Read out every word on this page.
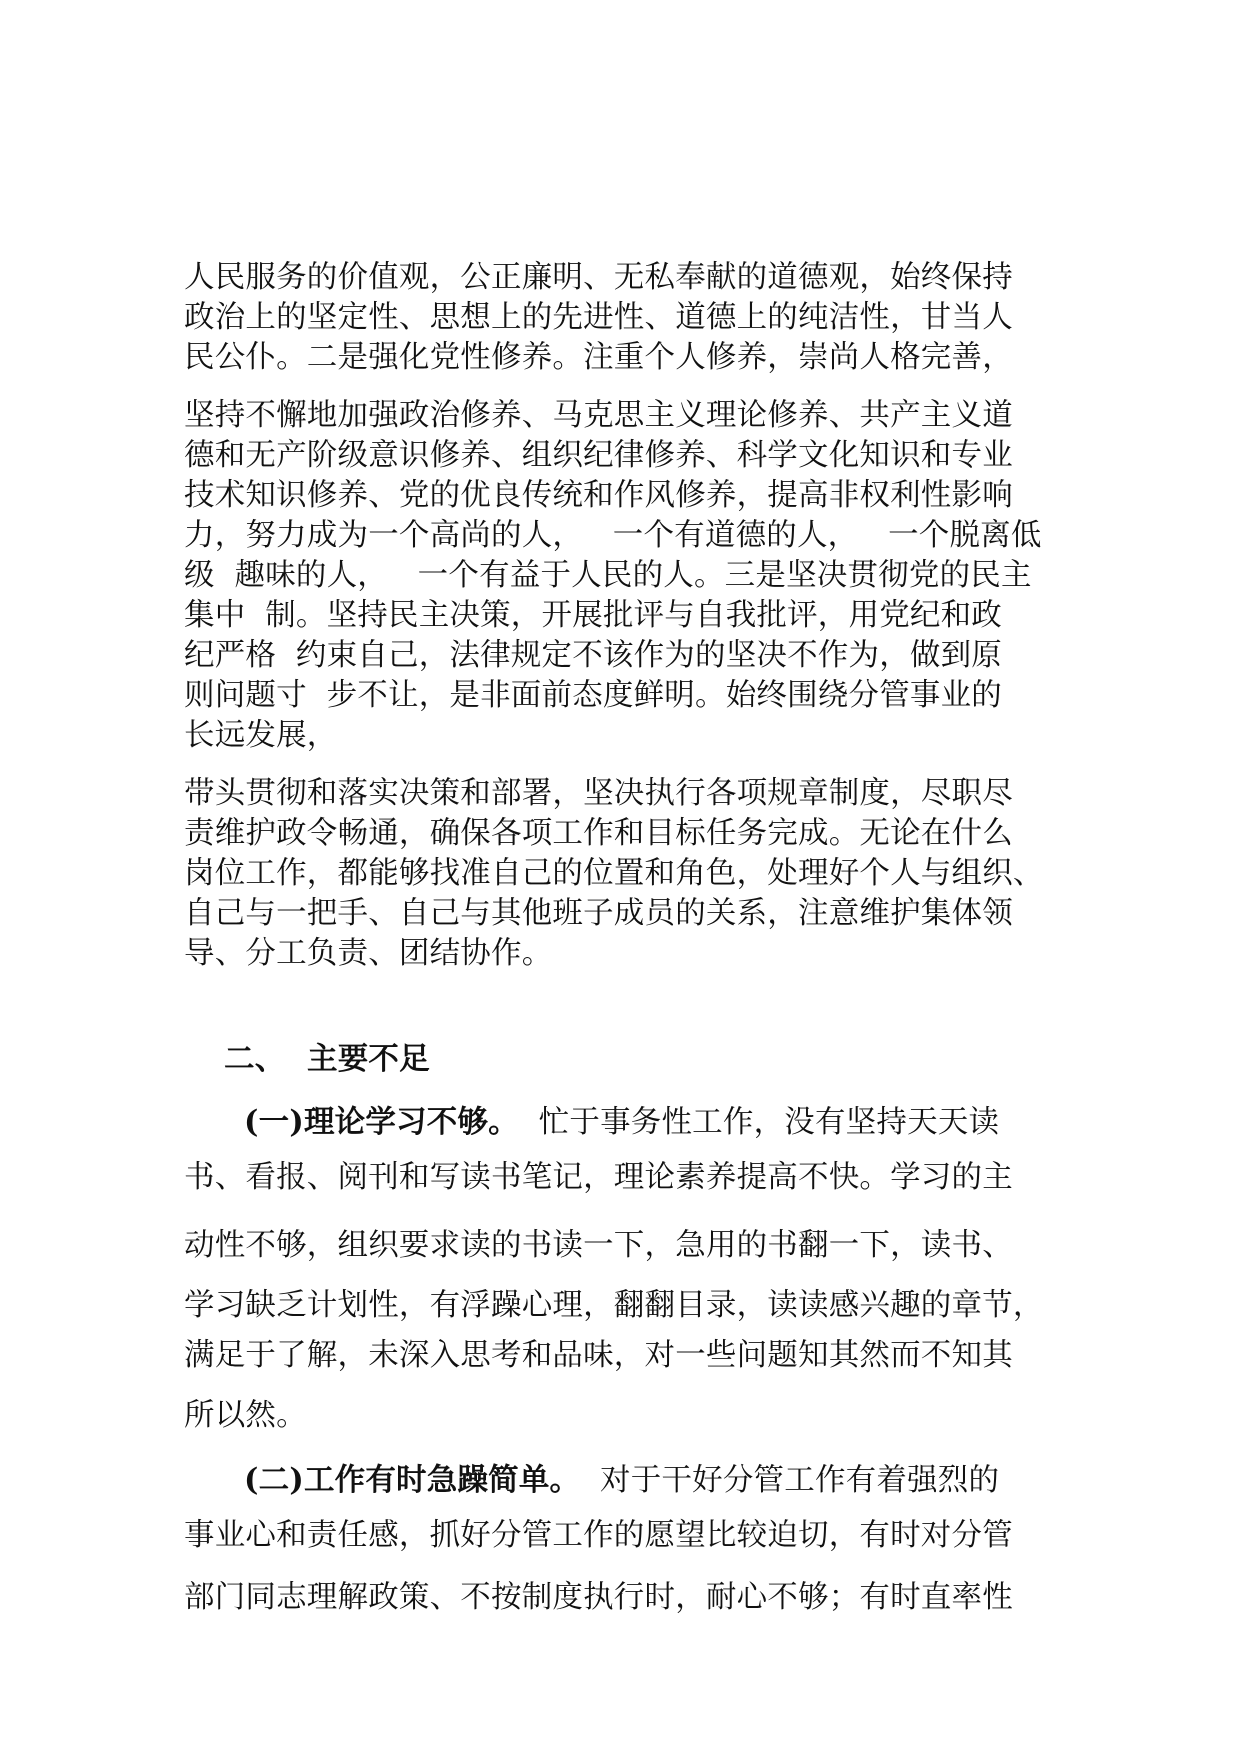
人民服务的价值观，公正廉明、无私奉献的道德观，始终保持

政治上的坚定性、思想上的先进性、道德上的纯洁性，甘当人

民公仆。二是强化党性修养。注重个人修养，崇尚人格完善，

坚持不懈地加强政治修养、马克思主义理论修养、共产主义道

德和无产阶级意识修养、组织纪律修养、科学文化知识和专业

技术知识修养、党的优良传统和作风修养，提高非权利性影响

力，努力成为一个高尚的人，   一个有道德的人，   一个脱离低

级  趣味的人，   一个有益于人民的人。三是坚决贯彻党的民主

集中  制。坚持民主决策，开展批评与自我批评，用党纪和政

纪严格  约束自己，法律规定不该作为的坚决不作为，做到原

则问题寸  步不让，是非面前态度鲜明。始终围绕分管事业的

长远发展，

带头贯彻和落实决策和部署，坚决执行各项规章制度，尽职尽

责维护政令畅通，确保各项工作和目标任务完成。无论在什么

岗位工作，都能够找准自己的位置和角色，处理好个人与组织、

自己与一把手、自己与其他班子成员的关系，注意维护集体领

导、分工负责、团结协作。

二、  主要不足

(一)理论学习不够。  忙于事务性工作，没有坚持天天读

书、看报、阅刊和写读书笔记，理论素养提高不快。学习的主

动性不够，组织要求读的书读一下，急用的书翻一下，读书、

学习缺乏计划性，有浮躁心理，翻翻目录，读读感兴趣的章节，

满足于了解，未深入思考和品味，对一些问题知其然而不知其

所以然。

(二)工作有时急躁简单。  对于干好分管工作有着强烈的

事业心和责任感，抓好分管工作的愿望比较迫切，有时对分管

部门同志理解政策、不按制度执行时，耐心不够；有时直率性
